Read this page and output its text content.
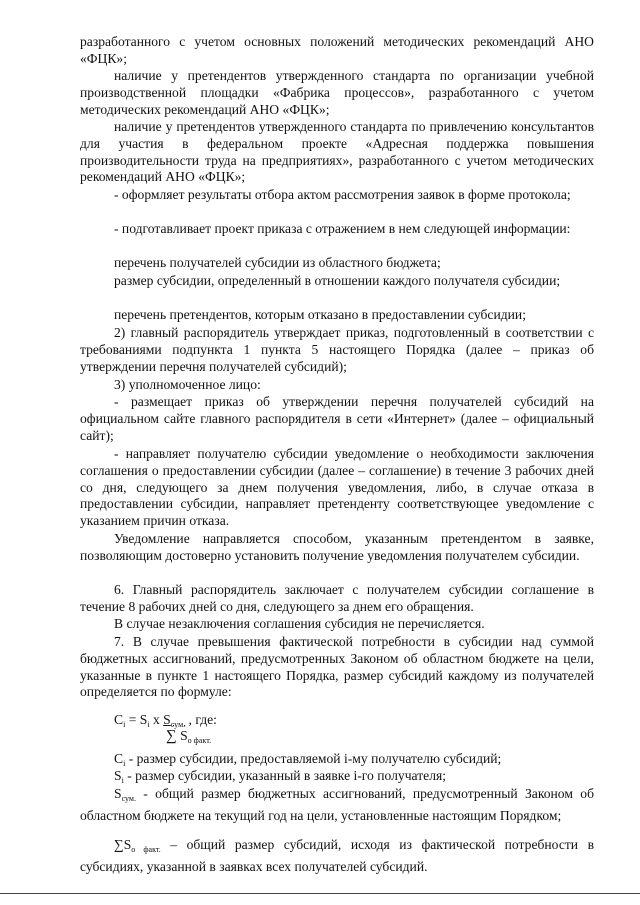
разработанного с учетом основных положений методических рекомендаций АНО «ФЦК»;

наличие у претендентов утвержденного стандарта по организации учебной производственной площадки «Фабрика процессов», разработанного с учетом методических рекомендаций АНО «ФЦК»;

наличие у претендентов утвержденного стандарта по привлечению консультантов для участия в федеральном проекте «Адресная поддержка повышения производительности труда на предприятиях», разработанного с учетом методических рекомендаций АНО «ФЦК»;

- оформляет результаты отбора актом рассмотрения заявок в форме протокола;

- подготавливает проект приказа с отражением в нем следующей информации:

перечень получателей субсидии из областного бюджета;

размер субсидии, определенный в отношении каждого получателя субсидии;

перечень претендентов, которым отказано в предоставлении субсидии;

2) главный распорядитель утверждает приказ, подготовленный в соответствии с требованиями подпункта 1 пункта 5 настоящего Порядка (далее – приказ об утверждении перечня получателей субсидий);

3) уполномоченное лицо:

- размещает приказ об утверждении перечня получателей субсидий на официальном сайте главного распорядителя в сети «Интернет» (далее – официальный сайт);

- направляет получателю субсидии уведомление о необходимости заключения соглашения о предоставлении субсидии (далее – соглашение) в течение 3 рабочих дней со дня, следующего за днем получения уведомления, либо, в случае отказа в предоставлении субсидии, направляет претенденту соответствующее уведомление с указанием причин отказа.

Уведомление направляется способом, указанным претендентом в заявке, позволяющим достоверно установить получение уведомления получателем субсидии.

6. Главный распорядитель заключает с получателем субсидии соглашение в течение 8 рабочих дней со дня, следующего за днем его обращения.

В случае незаключения соглашения субсидия не перечисляется.

7. В случае превышения фактической потребности в субсидии над суммой бюджетных ассигнований, предусмотренных Законом об областном бюджете на цели, указанные в пункте 1 настоящего Порядка, размер субсидий каждому из получателей определяется по формуле:

$C_i = S_i$ x $S_{сум.}$ , где:

∑ $S_{о факт.}$

$C_i$ - размер субсидии, предоставляемой i-му получателю субсидий;

$S_i$ - размер субсидии, указанный в заявке i-го получателя;

$S_{сум.}$ - общий размер бюджетных ассигнований, предусмотренный Законом об областном бюджете на текущий год на цели, установленные настоящим Порядком;

$\sum S_{о факт.}$ – общий размер субсидий, исходя из фактической потребности в субсидиях, указанной в заявках всех получателей субсидий.
